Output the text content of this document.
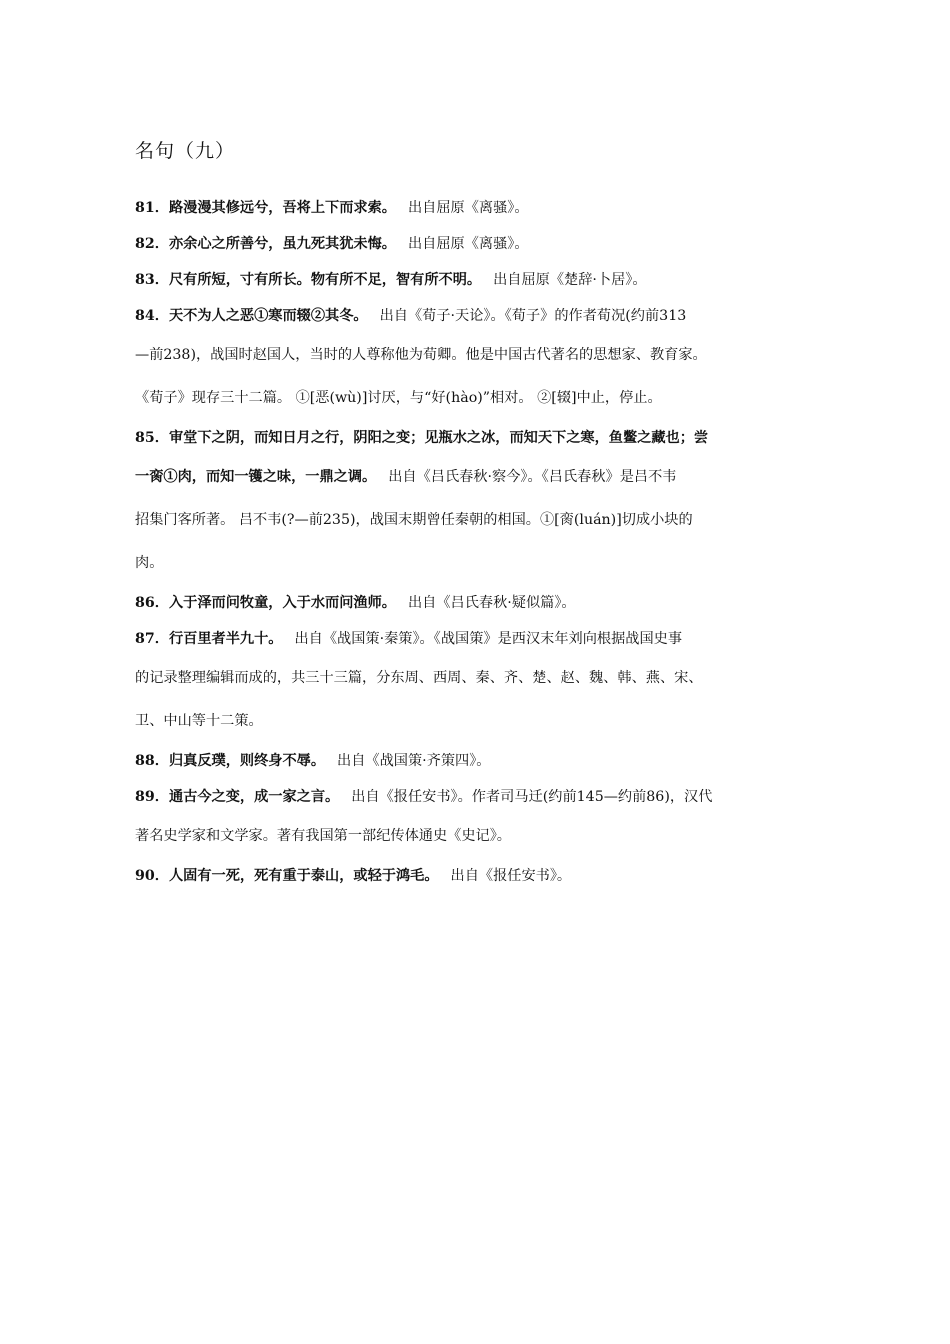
名句（九）

81．路漫漫其修远兮，吾将上下而求索。 出自屈原《离骚》。

82．亦余心之所善兮，虽九死其犹未悔。 出自屈原《离骚》。

83．尺有所短，寸有所长。物有所不足，智有所不明。 出自屈原《楚辞·卜居》。

84．天不为人之恶①寒而辍②其冬。 出自《荀子·天论》。《荀子》的作者荀况(约前313

—前238)，战国时赵国人，当时的人尊称他为荀卿。他是中国古代著名的思想家、教育家。

《荀子》现存三十二篇。 ①[恶(wù)]讨厌，与“好(hào)”相对。 ②[辍]中止，停止。

85．审堂下之阴，而知日月之行，阴阳之变；见瓶水之冰，而知天下之寒，鱼鳖之藏也；尝

一脔①肉，而知一镬之味，一鼎之调。 出自《吕氏春秋·察今》。《吕氏春秋》是吕不韦

招集门客所著。 吕不韦(?—前235)，战国末期曾任秦朝的相国。①[脔(luán)]切成小块的

肉。

86．入于泽而问牧童，入于水而问渔师。 出自《吕氏春秋·疑似篇》。

87．行百里者半九十。 出自《战国策·秦策》。《战国策》是西汉末年刘向根据战国史事

的记录整理编辑而成的，共三十三篇，分东周、西周、秦、齐、楚、赵、魏、韩、燕、宋、

卫、中山等十二策。

88．归真反璞，则终身不辱。 出自《战国策·齐策四》。

89．通古今之变，成一家之言。 出自《报任安书》。作者司马迁(约前145—约前86)，汉代

著名史学家和文学家。著有我国第一部纪传体通史《史记》。

90．人固有一死，死有重于泰山，或轻于鸿毛。 出自《报任安书》。
